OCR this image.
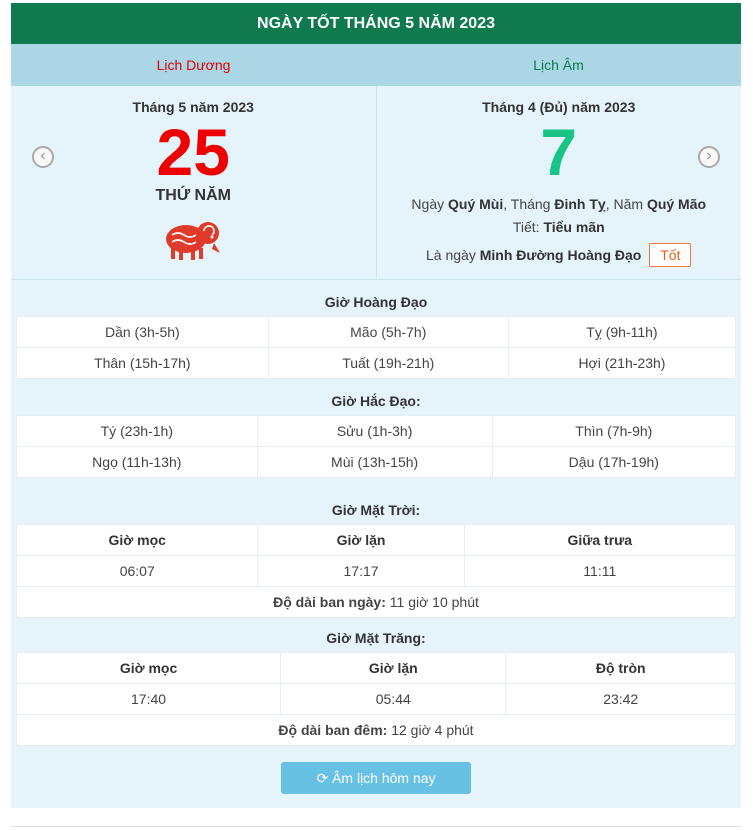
NGÀY TỐT THÁNG 5 NĂM 2023
Lịch Dương	Lịch Âm
‹
Tháng 5 năm 2023
25
THỨ NĂM
›
Tháng 4 (Đủ) năm 2023
7
Ngày Quý Mùi, Tháng Đinh Tỵ, Năm Quý Mão
Tiết: Tiểu mãn
Là ngày Minh Đường Hoàng Đạo Tốt
Giờ Hoàng Đạo
Dần (3h-5h)	Mão (5h-7h)	Tỵ (9h-11h)
Thân (15h-17h)	Tuất (19h-21h)	Hợi (21h-23h)
Giờ Hắc Đạo:
Tý (23h-1h)	Sửu (1h-3h)	Thìn (7h-9h)
Ngọ (11h-13h)	Mùi (13h-15h)	Dậu (17h-19h)
Giờ Mặt Trời:
Giờ mọc	Giờ lặn	Giữa trưa
06:07	17:17	11:11
Độ dài ban ngày: 11 giờ 10 phút		
Giờ Mặt Trăng:
Giờ mọc	Giờ lặn	Độ tròn
17:40	05:44	23:42
Độ dài ban đêm: 12 giờ 4 phút		
⟳ Âm lịch hôm nay
